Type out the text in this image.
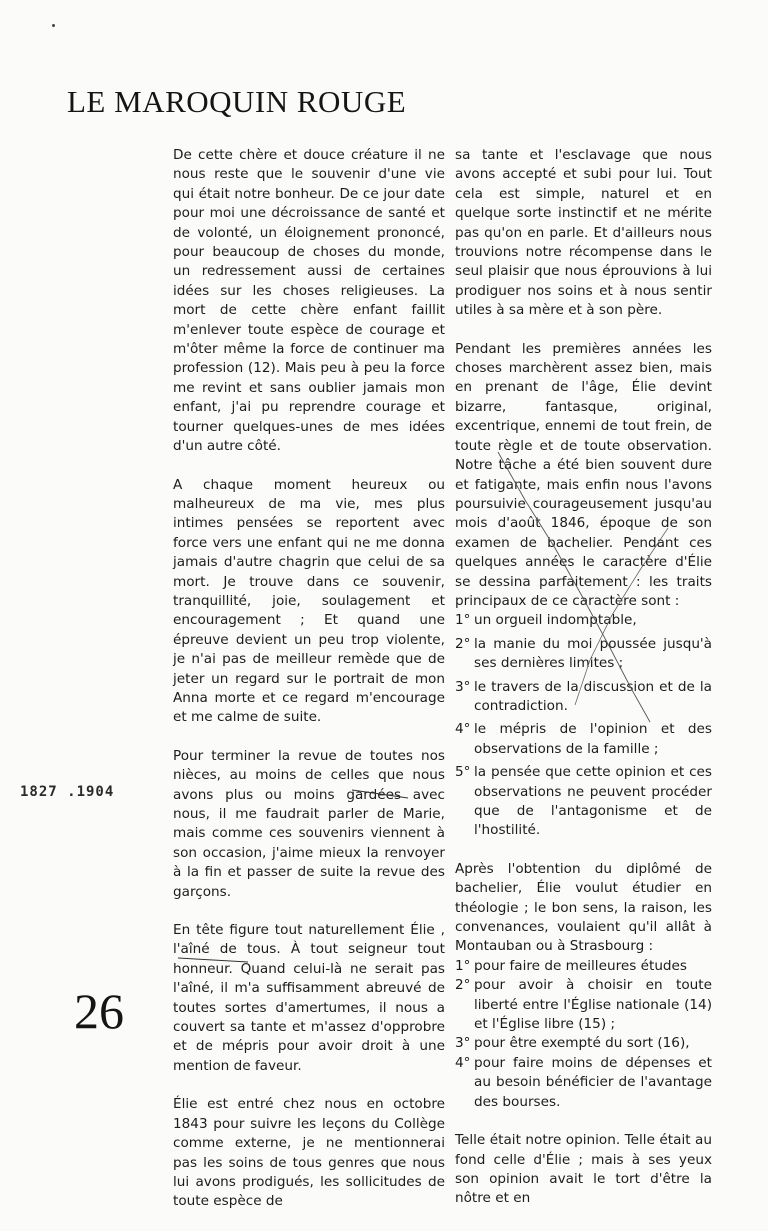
LE MAROQUIN ROUGE

De cette chère et douce créature il ne nous reste que le souvenir d'une vie qui était notre bonheur. De ce jour date pour moi une décroissance de santé et de volonté, un éloignement prononcé, pour beaucoup de choses du monde, un redressement aussi de certaines idées sur les choses religieuses. La mort de cette chère enfant faillit m'enlever toute espèce de courage et m'ôter même la force de continuer ma profession (12). Mais peu à peu la force me revint et sans oublier jamais mon enfant, j'ai pu reprendre courage et tourner quelques-unes de mes idées d'un autre côté.

A chaque moment heureux ou malheureux de ma vie, mes plus intimes pensées se reportent avec force vers une enfant qui ne me donna jamais d'autre chagrin que celui de sa mort. Je trouve dans ce souvenir, tranquillité, joie, soulagement et encouragement ; Et quand une épreuve devient un peu trop violente, je n'ai pas de meilleur remède que de jeter un regard sur le portrait de mon Anna morte et ce regard m'encourage et me calme de suite.

Pour terminer la revue de toutes nos nièces, au moins de celles que nous avons plus ou moins gardées avec nous, il me faudrait parler de Marie, mais comme ces souvenirs viennent à son occasion, j'aime mieux la renvoyer à la fin et passer de suite la revue des garçons.

En tête figure tout naturellement Élie , l'aîné de tous. À tout seigneur tout honneur. Quand celui-là ne serait pas l'aîné, il m'a suffisamment abreuvé de toutes sortes d'amertumes, il nous a couvert sa tante et m'assez d'opprobre et de mépris pour avoir droit à une mention de faveur.

Élie est entré chez nous en octobre 1843 pour suivre les leçons du Collège comme externe, je ne mentionnerai pas les soins de tous genres que nous lui avons prodigués, les sollicitudes de toute espèce de

sa tante et l'esclavage que nous avons accepté et subi pour lui. Tout cela est simple, naturel et en quelque sorte instinctif et ne mérite pas qu'on en parle. Et d'ailleurs nous trouvions notre récompense dans le seul plaisir que nous éprouvions à lui prodiguer nos soins et à nous sentir utiles à sa mère et à son père.

Pendant les premières années les choses marchèrent assez bien, mais en prenant de l'âge, Élie devint bizarre, fantasque, original, excentrique, ennemi de tout frein, de toute règle et de toute observation. Notre tâche a été bien souvent dure et fatigante, mais enfin nous l'avons poursuivie courageusement jusqu'au mois d'août 1846, époque de son examen de bachelier. Pendant ces quelques années le caractère d'Élie se dessina parfaitement : les traits principaux de ce caractère sont :

1° un orgueil indomptable,
2° la manie du moi poussée jusqu'à ses dernières limites ;
3° le travers de la discussion et de la contradiction.
4° le mépris de l'opinion et des observations de la famille ;
5° la pensée que cette opinion et ces observations ne peuvent procéder que de l'antagonisme et de l'hostilité.

Après l'obtention du diplômé de bachelier, Élie voulut étudier en théologie ; le bon sens, la raison, les convenances, voulaient qu'il allât à Montauban ou à Strasbourg :

1° pour faire de meilleures études
2° pour avoir à choisir en toute liberté entre l'Église nationale (14) et l'Église libre (15) ;
3° pour être exempté du sort (16),
4° pour faire moins de dépenses et au besoin bénéficier de l'avantage des bourses.

Telle était notre opinion. Telle était au fond celle d'Élie ; mais à ses yeux son opinion avait le tort d'être la nôtre et en

1827 .1904
26
